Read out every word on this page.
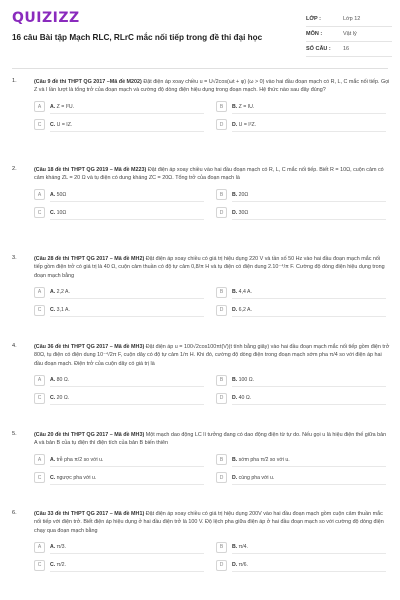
QUIZIZZ
16 câu Bài tập Mạch RLC, RLrC mắc nối tiếp trong đề thi đại học
LỚP :	Lớp 12
MÔN :	Vật lý
SỐ CÂU :	16
1.	(Câu 9 đề thi THPT QG 2017 –Mã đề M202) Đặt điện áp xoay chiều u = U√2cos(ωt + φ) (ω > 0) vào hai đầu đoạn mạch có R, L, C mắc nối tiếp. Gọi Z và I lần lượt là tổng trở của đoạn mạch và cường độ dòng điện hiệu dụng trong đoạn mạch. Hệ thức nào sau đây đúng?
A	A. Z = I²U.	B	B. Z = IU.
C	C. U = IZ.	D	D. U = I²Z.
2.	(Câu 18 đề thi THPT QG 2019 – Mã đề M223) Đặt điện áp xoay chiều vào hai đầu đoạn mạch có R, L, C mắc nối tiếp. Biết R = 10Ω, cuộn cảm có cảm kháng ZL = 20 Ω và tụ điện có dung kháng ZC = 20Ω. Tổng trở của đoạn mạch là
A	A. 50Ω	B	B. 20Ω
C	C. 10Ω	D	D. 30Ω
3.	(Câu 28 đề thi THPT QG 2017 – Mã đề MH2) Đặt điện áp xoay chiều có giá trị hiệu dụng 220 V và tần số 50 Hz vào hai đầu đoạn mạch mắc nối tiếp gồm điện trở có giá trị là 40 Ω, cuộn cảm thuần có độ tự cảm 0,8/π H và tụ điện có điện dung 2.10⁻⁴/π F. Cường độ dòng điện hiệu dụng trong đoạn mạch bằng
A	A. 2,2 A.	B	B. 4,4 A.
C	C. 3,1 A.	D	D. 6,2 A.
4.	(Câu 36 đề thi THPT QG 2017 – Mã đề MH3) Đặt điện áp u = 100√2cos100πt(V)(t tính bằng giây) vào hai đầu đoạn mạch mắc nối tiếp gồm điện trở 80Ω, tụ điện có điện dung 10⁻⁴/2π F, cuộn dây có độ tự cảm 1/π H. Khi đó, cường độ dòng điện trong đoạn mạch sớm pha π/4 so với điện áp hai đầu đoạn mạch. Điện trở của cuộn dây có giá trị là
A	A. 80 Ω.	B	B. 100 Ω.
C	C. 20 Ω.	D	D. 40 Ω.
5.	(Câu 20 đề thi THPT QG 2017 – Mã đề MH3) Một mạch dao động LC lí tưởng đang có dao động điện từ tự do. Nếu gọi u là hiệu điện thế giữa bản A và bản B của tụ điện thì điện tích của bản B biến thiên
A	A. trễ pha π/2 so với u.	B	B. sớm pha π/2 so với u.
C	C. ngược pha với u.	D	D. cùng pha với u.
6.	(Câu 33 đề thi THPT QG 2017 – Mã đề MH1) Đặt điện áp xoay chiều có giá trị hiệu dụng 200V vào hai đầu đoạn mạch gồm cuộn cảm thuần mắc nối tiếp với điện trở. Biết điện áp hiệu dụng ở hai đầu điện trở là 100 V. Độ lệch pha giữa điện áp ở hai đầu đoạn mạch so với cường độ dòng điện chạy qua đoạn mạch bằng
A	A. π/3.	B	B. π/4.
C	C. π/2.	D	D. π/6.
